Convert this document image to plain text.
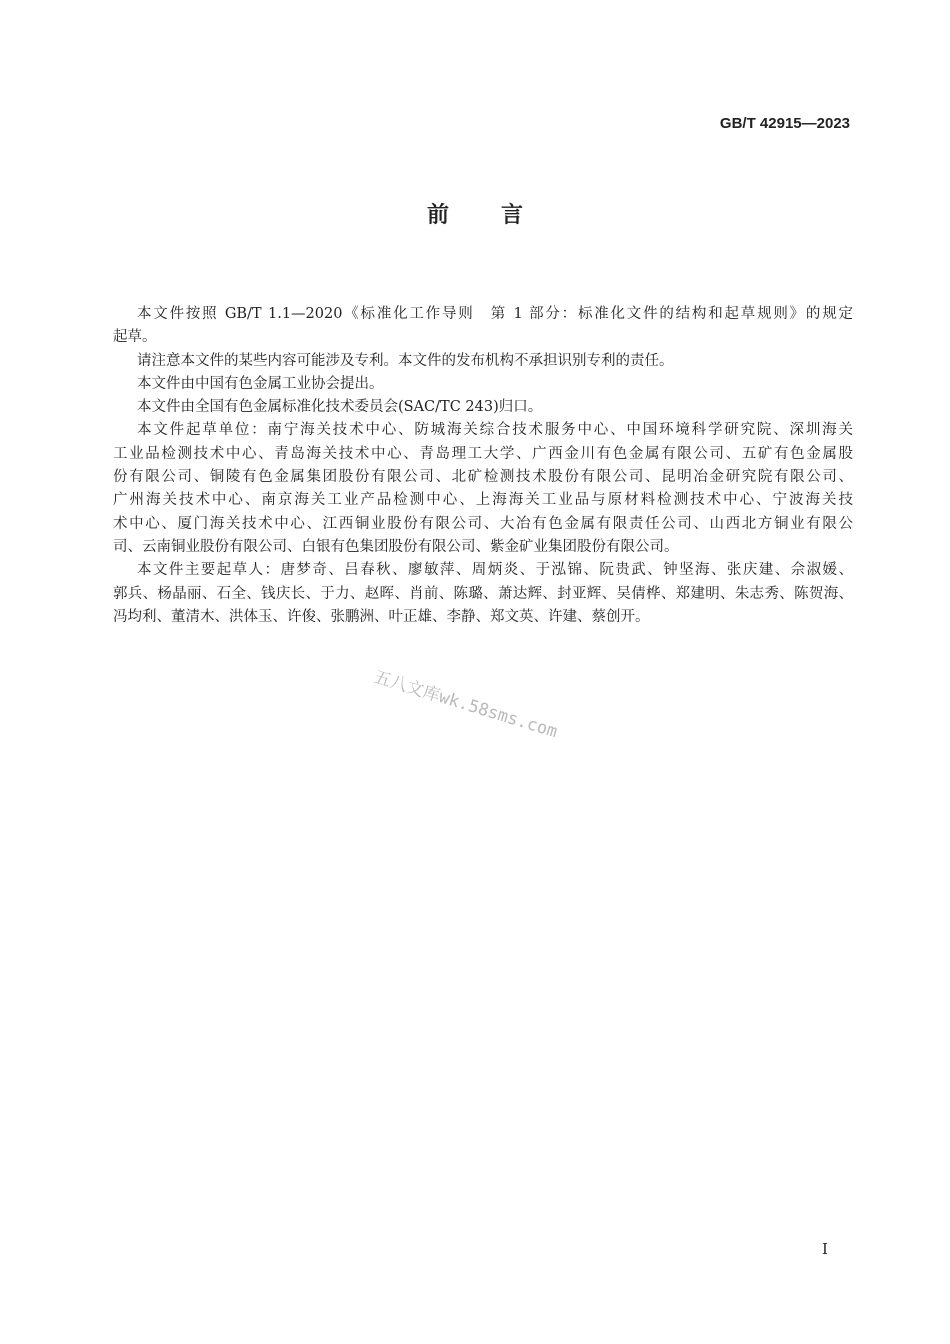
GB/T 42915—2023
前言
本文件按照 GB/T 1.1—2020《标准化工作导则　第 1 部分：标准化文件的结构和起草规则》的规定
起草。
请注意本文件的某些内容可能涉及专利。本文件的发布机构不承担识别专利的责任。
本文件由中国有色金属工业协会提出。
本文件由全国有色金属标准化技术委员会(SAC/TC 243)归口。
本文件起草单位：南宁海关技术中心、防城海关综合技术服务中心、中国环境科学研究院、深圳海关
工业品检测技术中心、青岛海关技术中心、青岛理工大学、广西金川有色金属有限公司、五矿有色金属股
份有限公司、铜陵有色金属集团股份有限公司、北矿检测技术股份有限公司、昆明冶金研究院有限公司、
广州海关技术中心、南京海关工业产品检测中心、上海海关工业品与原材料检测技术中心、宁波海关技
术中心、厦门海关技术中心、江西铜业股份有限公司、大冶有色金属有限责任公司、山西北方铜业有限公
司、云南铜业股份有限公司、白银有色集团股份有限公司、紫金矿业集团股份有限公司。
本文件主要起草人：唐梦奇、吕春秋、廖敏萍、周炳炎、于泓锦、阮贵武、钟坚海、张庆建、佘淑媛、
郭兵、杨晶丽、石全、钱庆长、于力、赵晖、肖前、陈璐、萧达辉、封亚辉、吴倩桦、郑建明、朱志秀、陈贺海、
冯均利、董清木、洪体玉、许俊、张鹏洲、叶正雄、李静、郑文英、许建、蔡创开。
五八文库wk.58sms.com
I
